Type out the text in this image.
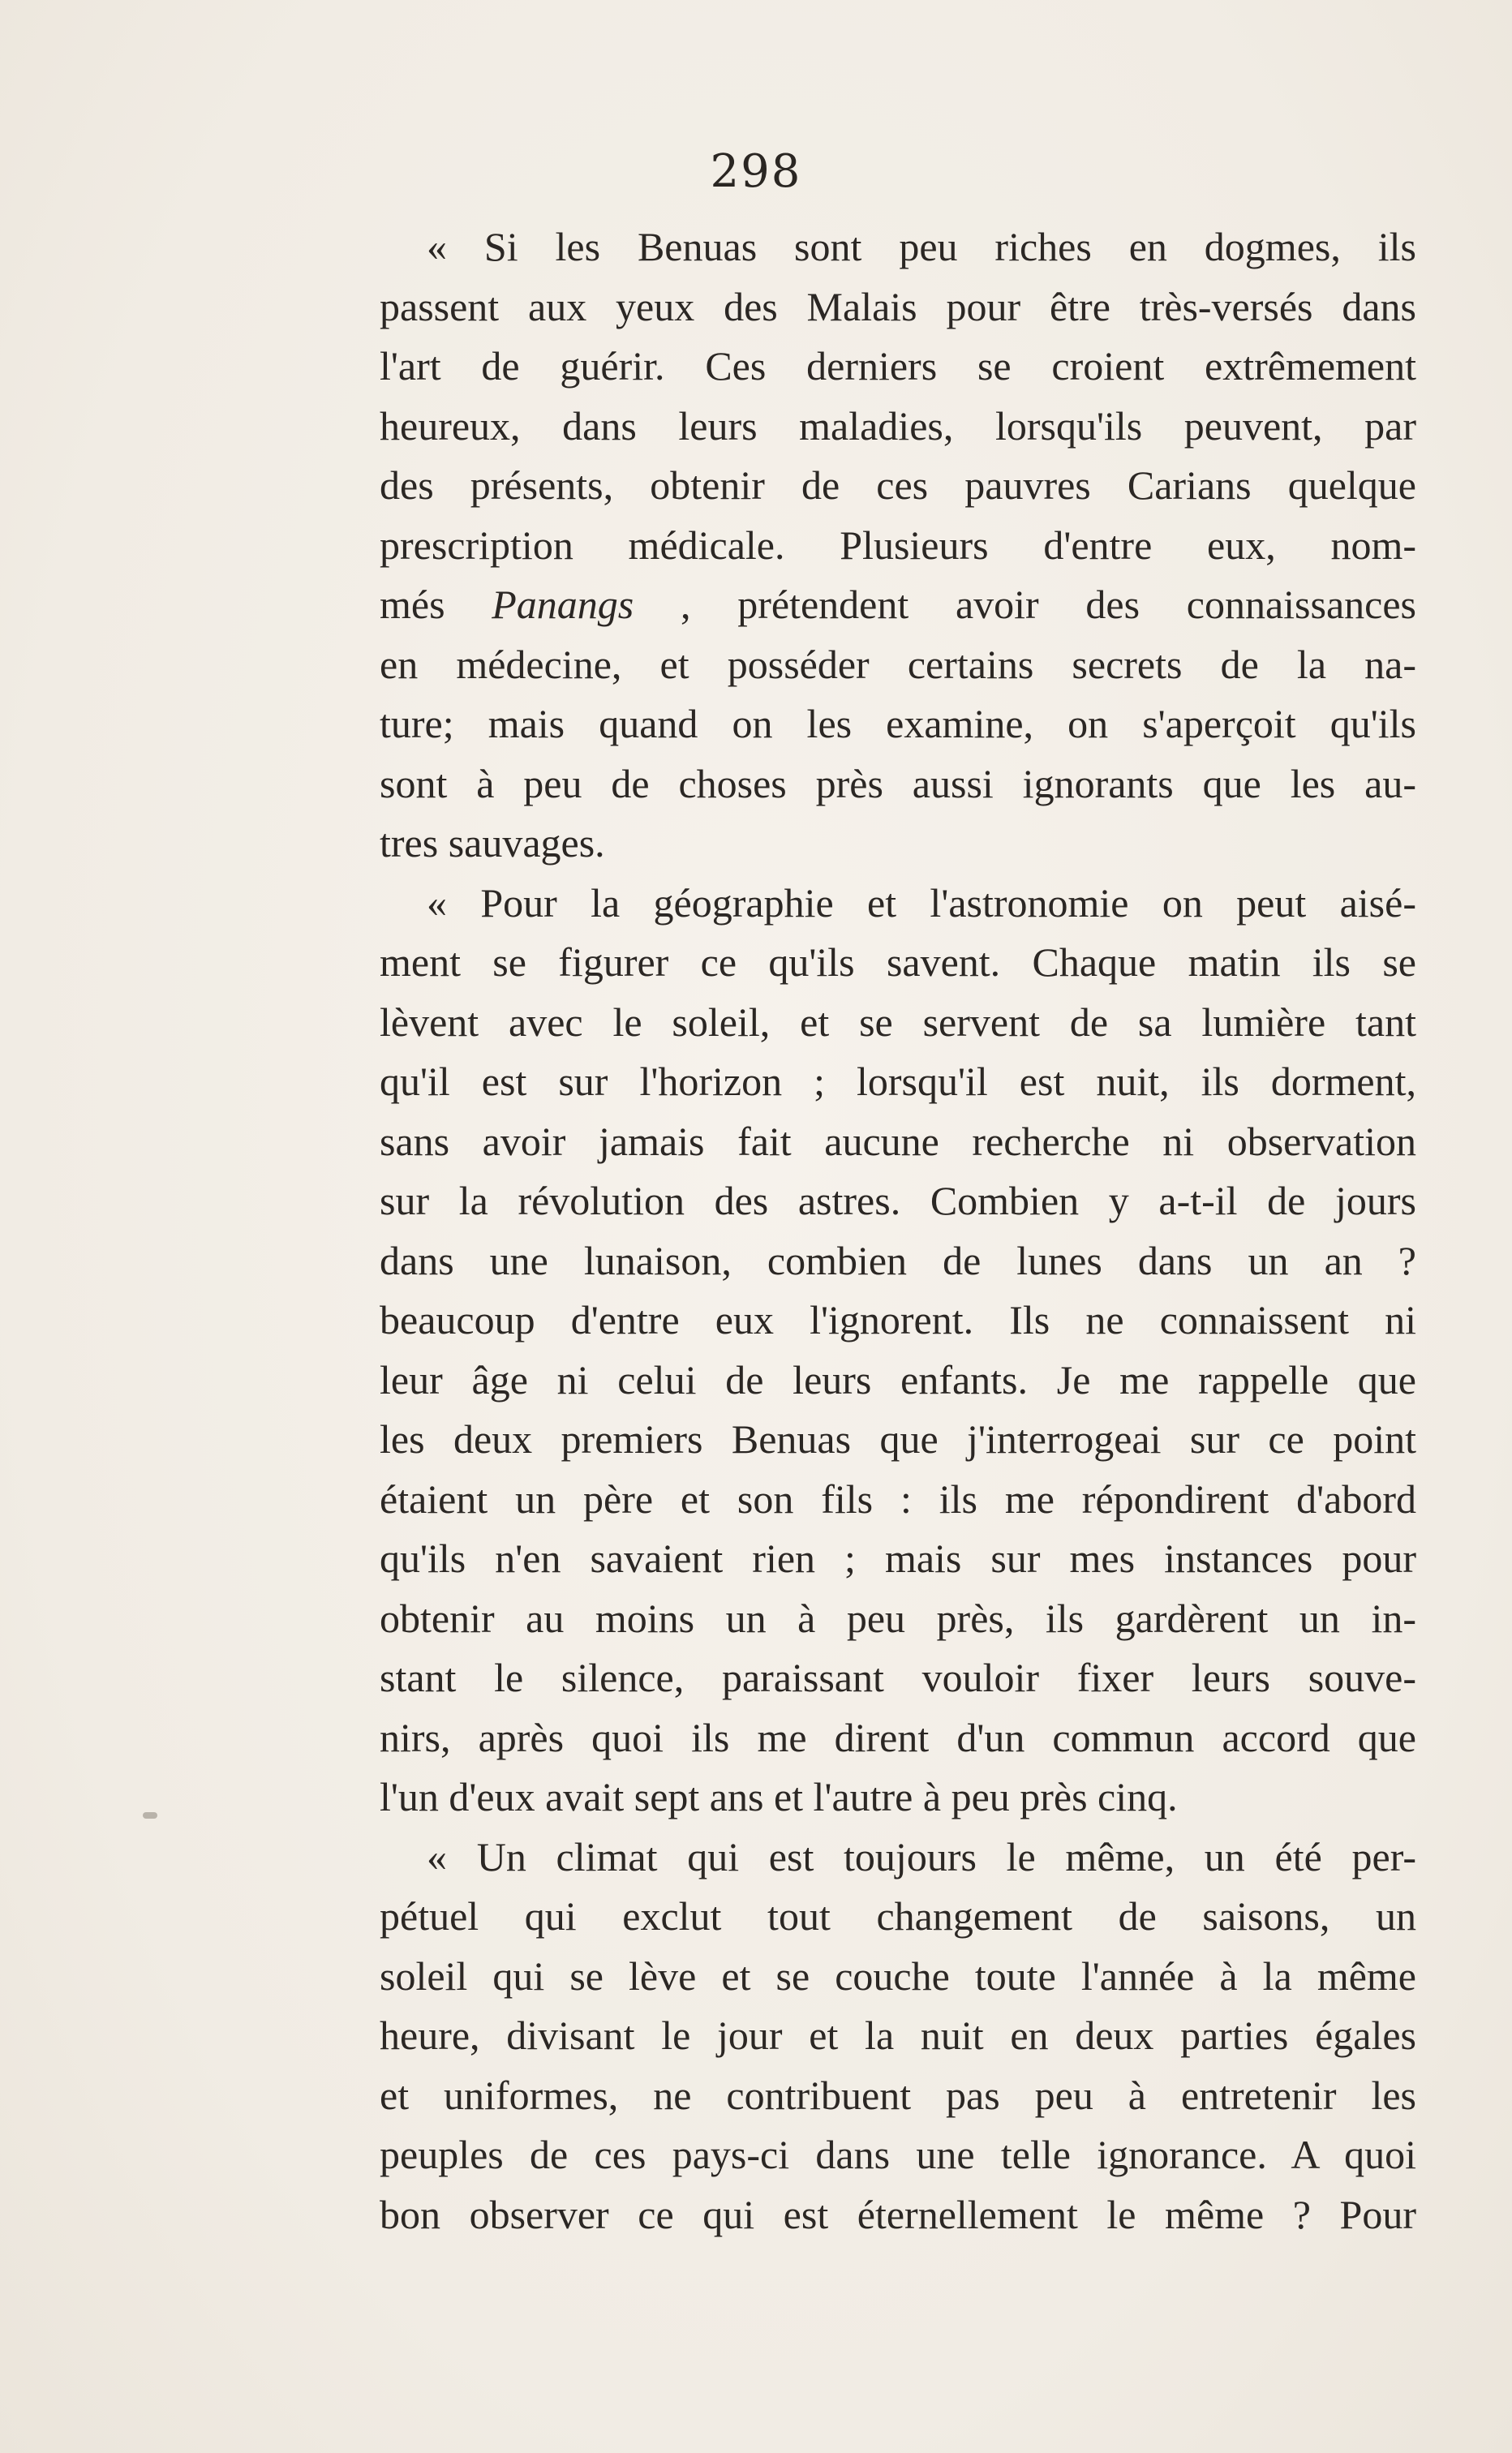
298
« Si les Benuas sont peu riches en dogmes, ils
passent aux yeux des Malais pour être très-versés dans
l'art de guérir. Ces derniers se croient extrêmement
heureux, dans leurs maladies, lorsqu'ils peuvent, par
des présents, obtenir de ces pauvres Carians quelque
prescription médicale. Plusieurs d'entre eux, nom-
més Panangs , prétendent avoir des connaissances
en médecine, et posséder certains secrets de la na-
ture; mais quand on les examine, on s'aperçoit qu'ils
sont à peu de choses près aussi ignorants que les au-
tres sauvages.
« Pour la géographie et l'astronomie on peut aisé-
ment se figurer ce qu'ils savent. Chaque matin ils se
lèvent avec le soleil, et se servent de sa lumière tant
qu'il est sur l'horizon ; lorsqu'il est nuit, ils dorment,
sans avoir jamais fait aucune recherche ni observation
sur la révolution des astres. Combien y a-t-il de jours
dans une lunaison, combien de lunes dans un an ?
beaucoup d'entre eux l'ignorent. Ils ne connaissent ni
leur âge ni celui de leurs enfants. Je me rappelle que
les deux premiers Benuas que j'interrogeai sur ce point
étaient un père et son fils : ils me répondirent d'abord
qu'ils n'en savaient rien ; mais sur mes instances pour
obtenir au moins un à peu près, ils gardèrent un in-
stant le silence, paraissant vouloir fixer leurs souve-
nirs, après quoi ils me dirent d'un commun accord que
l'un d'eux avait sept ans et l'autre à peu près cinq.
« Un climat qui est toujours le même, un été per-
pétuel qui exclut tout changement de saisons, un
soleil qui se lève et se couche toute l'année à la même
heure, divisant le jour et la nuit en deux parties égales
et uniformes, ne contribuent pas peu à entretenir les
peuples de ces pays-ci dans une telle ignorance. A quoi
bon observer ce qui est éternellement le même ? Pour
